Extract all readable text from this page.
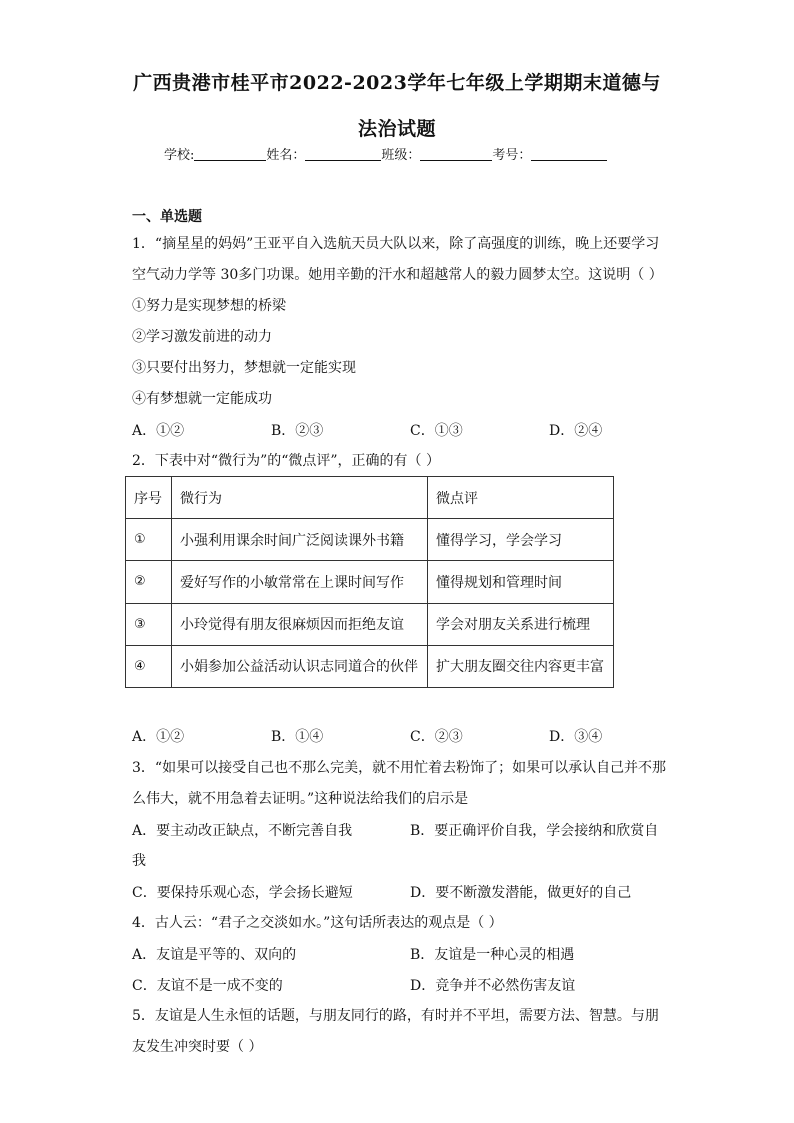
广西贵港市桂平市2022-2023学年七年级上学期期末道德与
法治试题
学校:	姓名：	班级：	考号：
一、单选题
1．“摘星星的妈妈”王亚平自入选航天员大队以来，除了高强度的训练，晚上还要学习
空气动力学等 30多门功课。她用辛勤的汗水和超越常人的毅力圆梦太空。这说明（ ）
①努力是实现梦想的桥梁
②学习激发前进的动力
③只要付出努力，梦想就一定能实现
④有梦想就一定能成功
A．①②	B．②③	C．①③	D．②④
2．下表中对“微行为”的“微点评”，正确的有（ ）
序号	微行为	微点评
①	小强利用课余时间广泛阅读课外书籍	懂得学习，学会学习
②	爱好写作的小敏常常在上课时间写作	懂得规划和管理时间
③	小玲觉得有朋友很麻烦因而拒绝友谊	学会对朋友关系进行梳理
④	小娟参加公益活动认识志同道合的伙伴	扩大朋友圈交往内容更丰富
A．①②	B．①④	C．②③	D．③④
3．“如果可以接受自己也不那么完美，就不用忙着去粉饰了；如果可以承认自己并不那
么伟大，就不用急着去证明。”这种说法给我们的启示是
A．要主动改正缺点，不断完善自我	B．要正确评价自我，学会接纳和欣赏自
我
C．要保持乐观心态，学会扬长避短	D．要不断激发潜能，做更好的自己
4．古人云：“君子之交淡如水。”这句话所表达的观点是（ ）
A．友谊是平等的、双向的	B．友谊是一种心灵的相遇
C．友谊不是一成不变的	D．竞争并不必然伤害友谊
5．友谊是人生永恒的话题，与朋友同行的路，有时并不平坦，需要方法、智慧。与朋
友发生冲突时要（ ）
